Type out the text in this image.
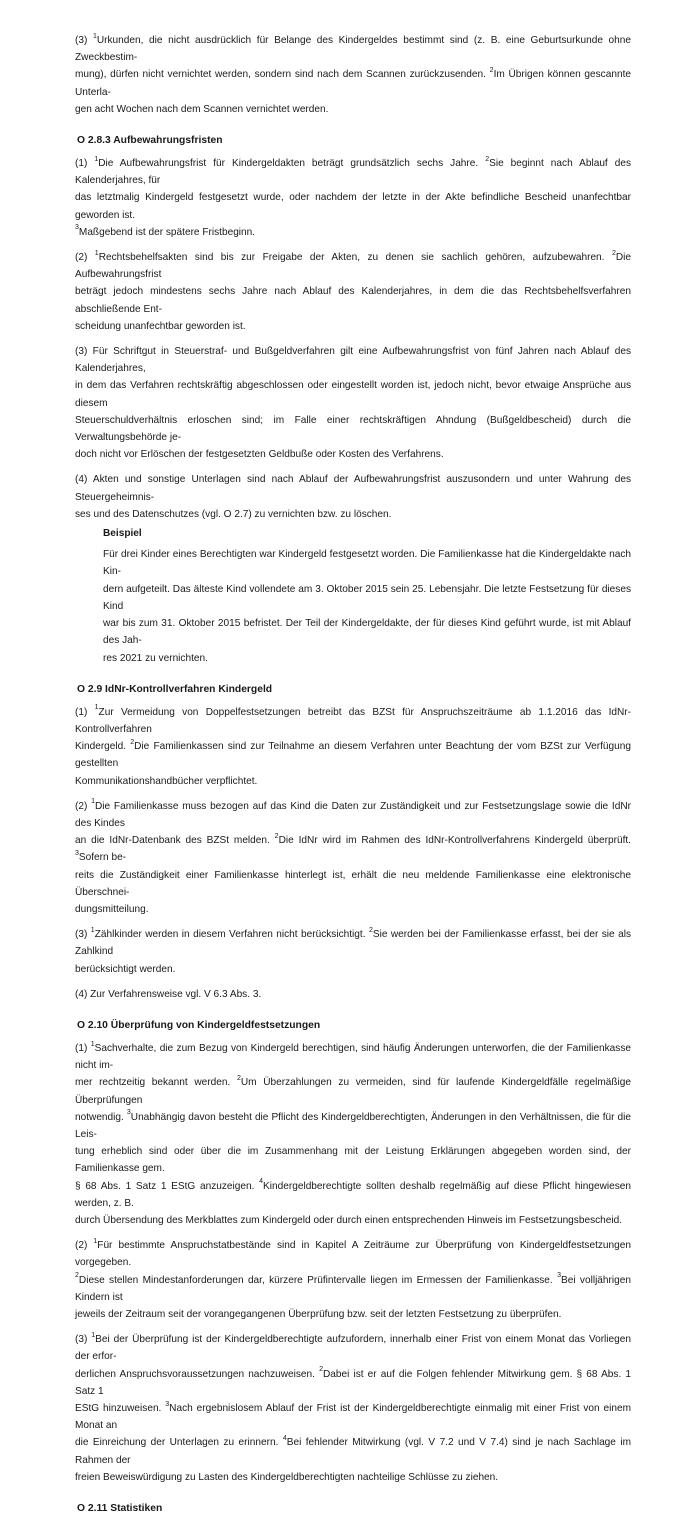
(3) $^1$Urkunden, die nicht ausdrücklich für Belange des Kindergeldes bestimmt sind (z. B. eine Geburtsurkunde ohne Zweckbestim-
mung), dürfen nicht vernichtet werden, sondern sind nach dem Scannen zurückzusenden. $^2$Im Übrigen können gescannte Unterla-
gen acht Wochen nach dem Scannen vernichtet werden.
O 2.8.3 Aufbewahrungsfristen
(1) $^1$Die Aufbewahrungsfrist für Kindergeldakten beträgt grundsätzlich sechs Jahre. $^2$Sie beginnt nach Ablauf des Kalenderjahres, für
das letztmalig Kindergeld festgesetzt wurde, oder nachdem der letzte in der Akte befindliche Bescheid unanfechtbar geworden ist.
$^3$Maßgebend ist der spätere Fristbeginn.
(2) $^1$Rechtsbehelfsakten sind bis zur Freigabe der Akten, zu denen sie sachlich gehören, aufzubewahren. $^2$Die Aufbewahrungsfrist
beträgt jedoch mindestens sechs Jahre nach Ablauf des Kalenderjahres, in dem die das Rechtsbehelfsverfahren abschließende Ent-
scheidung unanfechtbar geworden ist.
(3) Für Schriftgut in Steuerstraf- und Bußgeldverfahren gilt eine Aufbewahrungsfrist von fünf Jahren nach Ablauf des Kalenderjahres,
in dem das Verfahren rechtskräftig abgeschlossen oder eingestellt worden ist, jedoch nicht, bevor etwaige Ansprüche aus diesem
Steuerschuldverhältnis erloschen sind; im Falle einer rechtskräftigen Ahndung (Bußgeldbescheid) durch die Verwaltungsbehörde je-
doch nicht vor Erlöschen der festgesetzten Geldbuße oder Kosten des Verfahrens.
(4) Akten und sonstige Unterlagen sind nach Ablauf der Aufbewahrungsfrist auszusondern und unter Wahrung des Steuergeheimnis-
ses und des Datenschutzes (vgl. O 2.7) zu vernichten bzw. zu löschen.
Beispiel
Für drei Kinder eines Berechtigten war Kindergeld festgesetzt worden. Die Familienkasse hat die Kindergeldakte nach Kin-
dern aufgeteilt. Das älteste Kind vollendete am 3. Oktober 2015 sein 25. Lebensjahr. Die letzte Festsetzung für dieses Kind
war bis zum 31. Oktober 2015 befristet. Der Teil der Kindergeldakte, der für dieses Kind geführt wurde, ist mit Ablauf des Jah-
res 2021 zu vernichten.
O 2.9 IdNr-Kontrollverfahren Kindergeld
(1) $^1$Zur Vermeidung von Doppelfestsetzungen betreibt das BZSt für Anspruchszeiträume ab 1.1.2016 das IdNr-Kontrollverfahren
Kindergeld. $^2$Die Familienkassen sind zur Teilnahme an diesem Verfahren unter Beachtung der vom BZSt zur Verfügung gestellten
Kommunikationshandbücher verpflichtet.
(2) $^1$Die Familienkasse muss bezogen auf das Kind die Daten zur Zuständigkeit und zur Festsetzungslage sowie die IdNr des Kindes
an die IdNr-Datenbank des BZSt melden. $^2$Die IdNr wird im Rahmen des IdNr-Kontrollverfahrens Kindergeld überprüft. $^3$Sofern be-
reits die Zuständigkeit einer Familienkasse hinterlegt ist, erhält die neu meldende Familienkasse eine elektronische Überschnei-
dungsmitteilung.
(3) $^1$Zählkinder werden in diesem Verfahren nicht berücksichtigt. $^2$Sie werden bei der Familienkasse erfasst, bei der sie als Zahlkind
berücksichtigt werden.
(4) Zur Verfahrensweise vgl. V 6.3 Abs. 3.
O 2.10 Überprüfung von Kindergeldfestsetzungen
(1) $^1$Sachverhalte, die zum Bezug von Kindergeld berechtigen, sind häufig Änderungen unterworfen, die der Familienkasse nicht im-
mer rechtzeitig bekannt werden. $^2$Um Überzahlungen zu vermeiden, sind für laufende Kindergeldfälle regelmäßige Überprüfungen
notwendig. $^3$Unabhängig davon besteht die Pflicht des Kindergeldberechtigten, Änderungen in den Verhältnissen, die für die Leis-
tung erheblich sind oder über die im Zusammenhang mit der Leistung Erklärungen abgegeben worden sind, der Familienkasse gem.
§ 68 Abs. 1 Satz 1 EStG anzuzeigen. $^4$Kindergeldberechtigte sollten deshalb regelmäßig auf diese Pflicht hingewiesen werden, z. B.
durch Übersendung des Merkblattes zum Kindergeld oder durch einen entsprechenden Hinweis im Festsetzungsbescheid.
(2) $^1$Für bestimmte Anspruchstatbestände sind in Kapitel A Zeiträume zur Überprüfung von Kindergeldfestsetzungen vorgegeben.
$^2$Diese stellen Mindestanforderungen dar, kürzere Prüfintervalle liegen im Ermessen der Familienkasse. $^3$Bei volljährigen Kindern ist
jeweils der Zeitraum seit der vorangegangenen Überprüfung bzw. seit der letzten Festsetzung zu überprüfen.
(3) $^1$Bei der Überprüfung ist der Kindergeldberechtigte aufzufordern, innerhalb einer Frist von einem Monat das Vorliegen der erfor-
derlichen Anspruchsvoraussetzungen nachzuweisen. $^2$Dabei ist er auf die Folgen fehlender Mitwirkung gem. § 68 Abs. 1 Satz 1
EStG hinzuweisen. $^3$Nach ergebnislosem Ablauf der Frist ist der Kindergeldberechtigte einmalig mit einer Frist von einem Monat an
die Einreichung der Unterlagen zu erinnern. $^4$Bei fehlender Mitwirkung (vgl. V 7.2 und V 7.4) sind je nach Sachlage im Rahmen der
freien Beweiswürdigung zu Lasten des Kindergeldberechtigten nachteilige Schlüsse zu ziehen.
O 2.11 Statistiken
